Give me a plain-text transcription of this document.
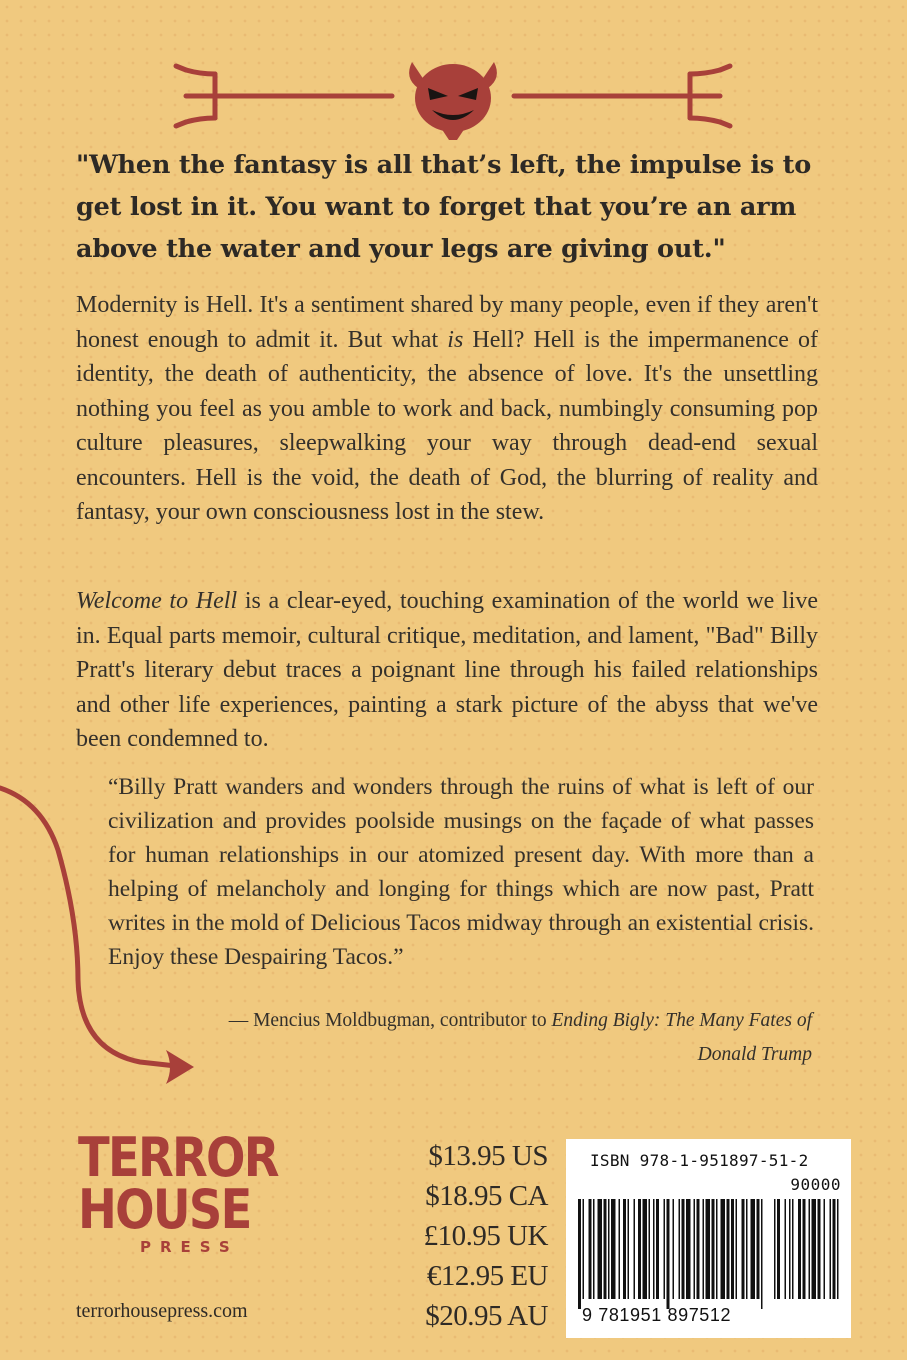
"When the fantasy is all that’s left, the impulse is to get lost in it. You want to forget that you’re an arm above the water and your legs are giving out."

Modernity is Hell. It's a sentiment shared by many people, even if they aren't honest enough to admit it. But what is Hell? Hell is the impermanence of identity, the death of authenticity, the absence of love. It's the unsettling nothing you feel as you amble to work and back, numbingly consuming pop culture pleasures, sleepwalking your way through dead-end sexual encounters. Hell is the void, the death of God, the blurring of reality and fantasy, your own consciousness lost in the stew.

Welcome to Hell is a clear-eyed, touching examination of the world we live in. Equal parts memoir, cultural critique, meditation, and lament, "Bad" Billy Pratt's literary debut traces a poignant line through his failed relationships and other life experiences, painting a stark picture of the abyss that we've been condemned to.

“Billy Pratt wanders and wonders through the ruins of what is left of our civilization and provides poolside musings on the façade of what passes for human relationships in our atomized present day. With more than a helping of melancholy and longing for things which are now past, Pratt writes in the mold of Delicious Tacos midway through an existential crisis. Enjoy these Despairing Tacos.”

— Mencius Moldbugman, contributor to Ending Bigly: The Many Fates of Donald Trump

TERROR
HOUSE
PRESS
terrorhousepress.com
$13.95 US
$18.95 CA
£10.95 UK
€12.95 EU
$20.95 AU
ISBN 978-1-951897-51-2
90000
9 781951 897512
